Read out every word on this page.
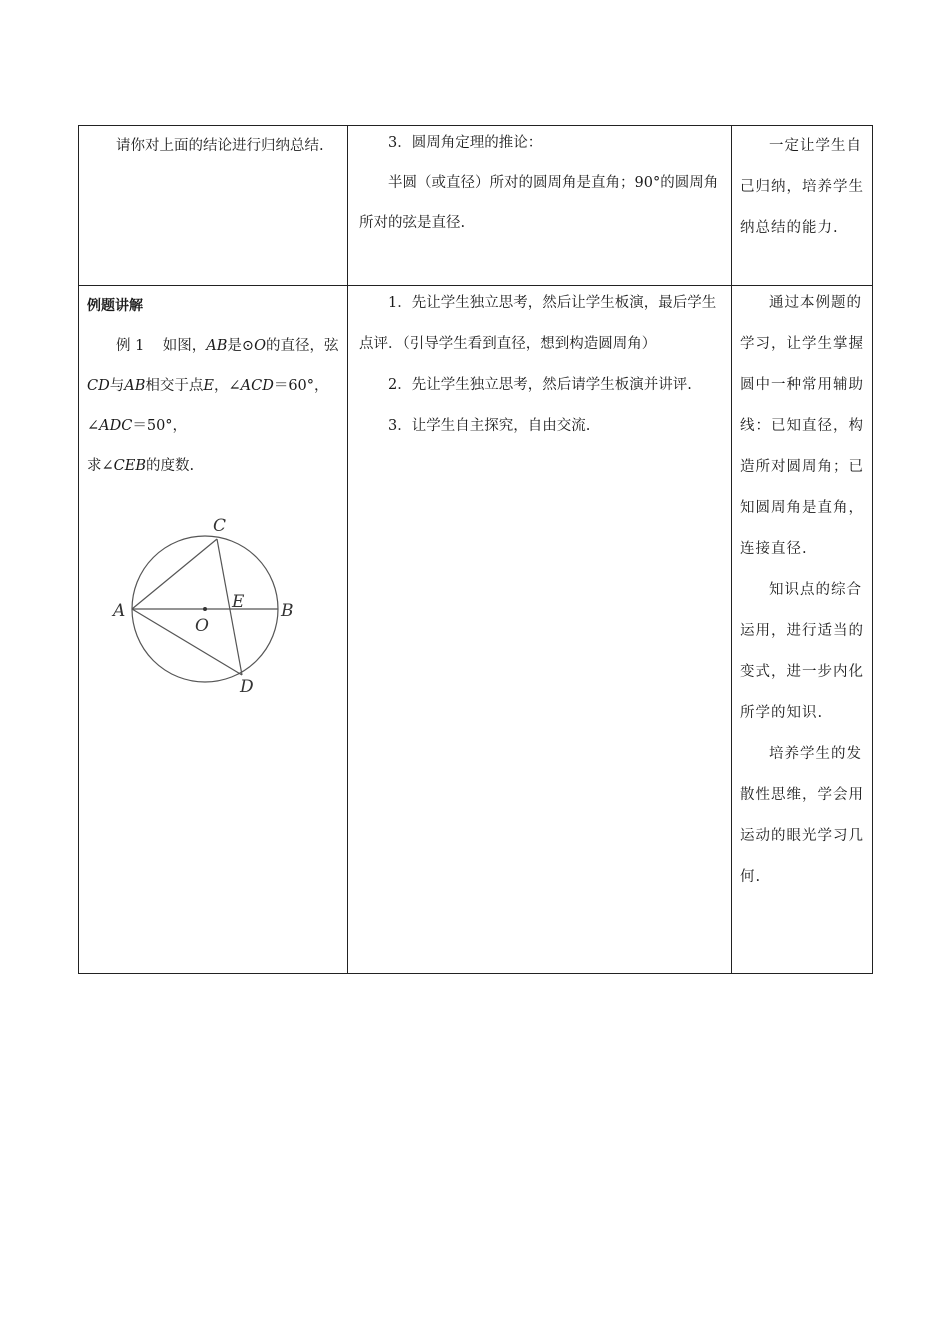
请你对上面的结论进行归纳总结.	3．圆周角定理的推论：

半圆（或直径）所对的圆周角是直角；90°的圆周角所对的弦是直径.

一定让学生自己归纳，培养学生纳总结的能力.

例题讲解

例 1 如图，AB是⊙O的直径，弦CD与AB相交于点E，∠ACD＝60°，∠ADC＝50°，

求∠CEB的度数.
A	B
C
D
E
O

1．先让学生独立思考，然后让学生板演，最后学生点评．（引导学生看到直径，想到构造圆周角）

2．先让学生独立思考，然后请学生板演并讲评.

3．让学生自主探究，自由交流.

通过本例题的学习，让学生掌握圆中一种常用辅助线：已知直径，构造所对圆周角；已知圆周角是直角，连接直径.

知识点的综合运用，进行适当的变式，进一步内化所学的知识.

培养学生的发散性思维，学会用运动的眼光学习几何.
